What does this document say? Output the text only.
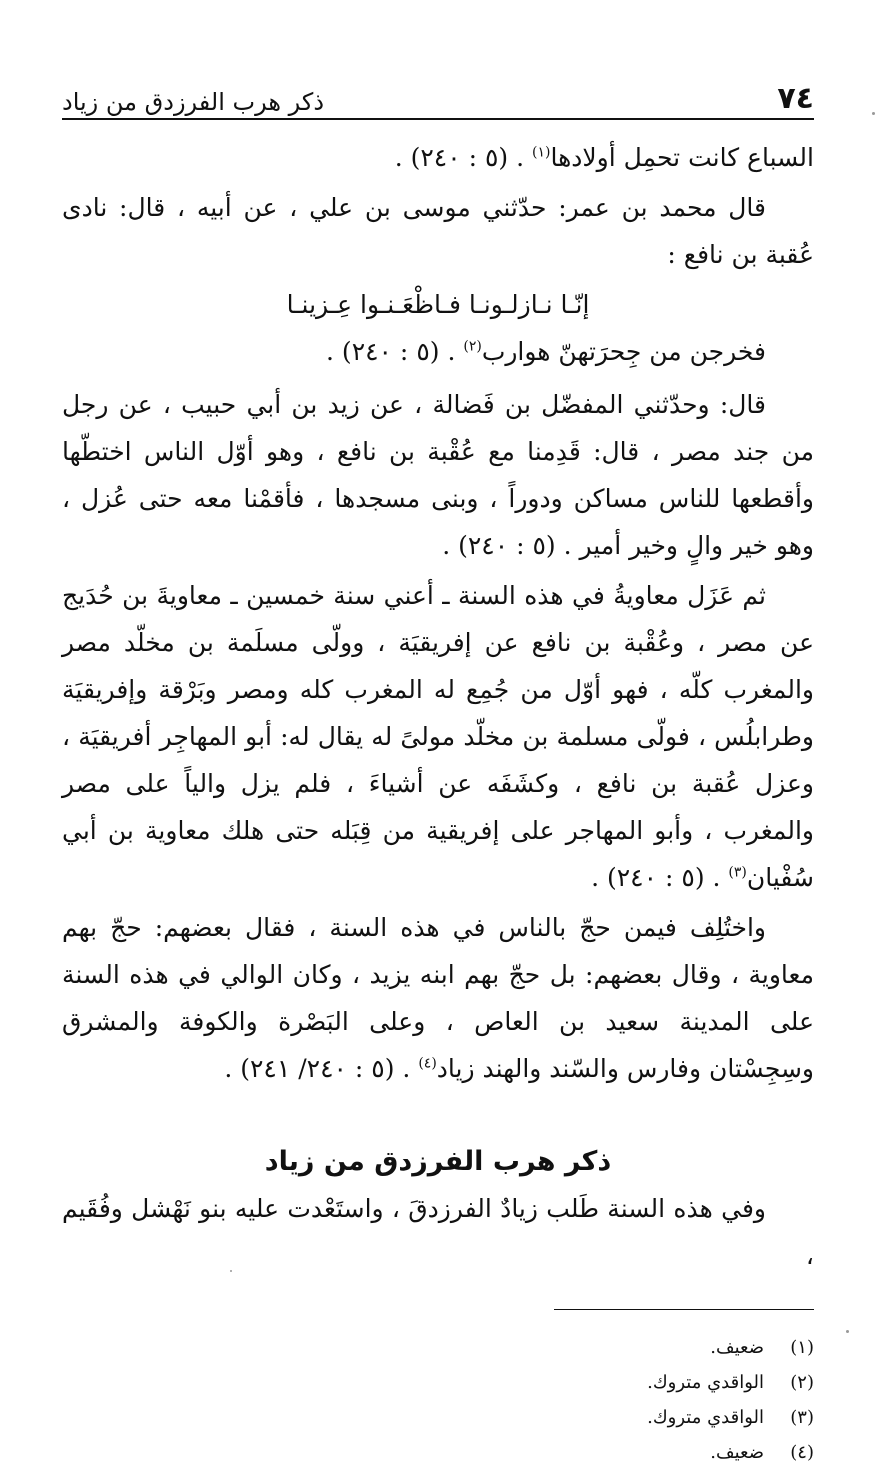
٧٤
ذكر هرب الفرزدق من زياد

السباع كانت تحمِل أولادها$^{(١)}$ . (٥ : ٢٤٠) .

قال محمد بن عمر: حدّثني موسى بن علي ، عن أبيه ، قال: نادى عُقبة بن نافع :

إنّـا نـازلـونـا فـاظْعَـنـوا عِـزينـا

فخرجن من جِحرَتهنّ هوارب$^{(٢)}$ . (٥ : ٢٤٠) .

قال: وحدّثني المفضّل بن فَضالة ، عن زيد بن أبي حبيب ، عن رجل من جند مصر ، قال: قَدِمنا مع عُقْبة بن نافع ، وهو أوّل الناس اختطّها وأقطعها للناس مساكن ودوراً ، وبنى مسجدها ، فأقمْنا معه حتى عُزل ، وهو خير والٍ وخير أمير . (٥ : ٢٤٠) .

ثم عَزَل معاويةُ في هذه السنة ـ أعني سنة خمسين ـ معاويةَ بن حُدَيج عن مصر ، وعُقْبة بن نافع عن إفريقيَة ، وولّى مسلَمة بن مخلّد مصر والمغرب كلّه ، فهو أوّل من جُمِع له المغرب كله ومصر وبَرْقة وإفريقيَة وطرابلُس ، فولّى مسلمة بن مخلّد مولىً له يقال له: أبو المهاجِر أفريقيَة ، وعزل عُقبة بن نافع ، وكشَفَه عن أشياءَ ، فلم يزل والياً على مصر والمغرب ، وأبو المهاجر على إفريقية من قِبَله حتى هلك معاوية بن أبي سُفْيان$^{(٣)}$ . (٥ : ٢٤٠) .

واختُلِف فيمن حجّ بالناس في هذه السنة ، فقال بعضهم: حجّ بهم معاوية ، وقال بعضهم: بل حجّ بهم ابنه يزيد ، وكان الوالي في هذه السنة على المدينة سعيد بن العاص ، وعلى البَصْرة والكوفة والمشرق وسِجِسْتان وفارس والسّند والهند زياد$^{(٤)}$ . (٥ : ٢٤٠/ ٢٤١) .

ذكر هرب الفرزدق من زياد

وفي هذه السنة طَلب زيادٌ الفرزدقَ ، واستَعْدت عليه بنو نَهْشل وفُقَيم ،

(١)
ضعيف.
(٢)
الواقدي متروك.
(٣)
الواقدي متروك.
(٤)
ضعيف.
